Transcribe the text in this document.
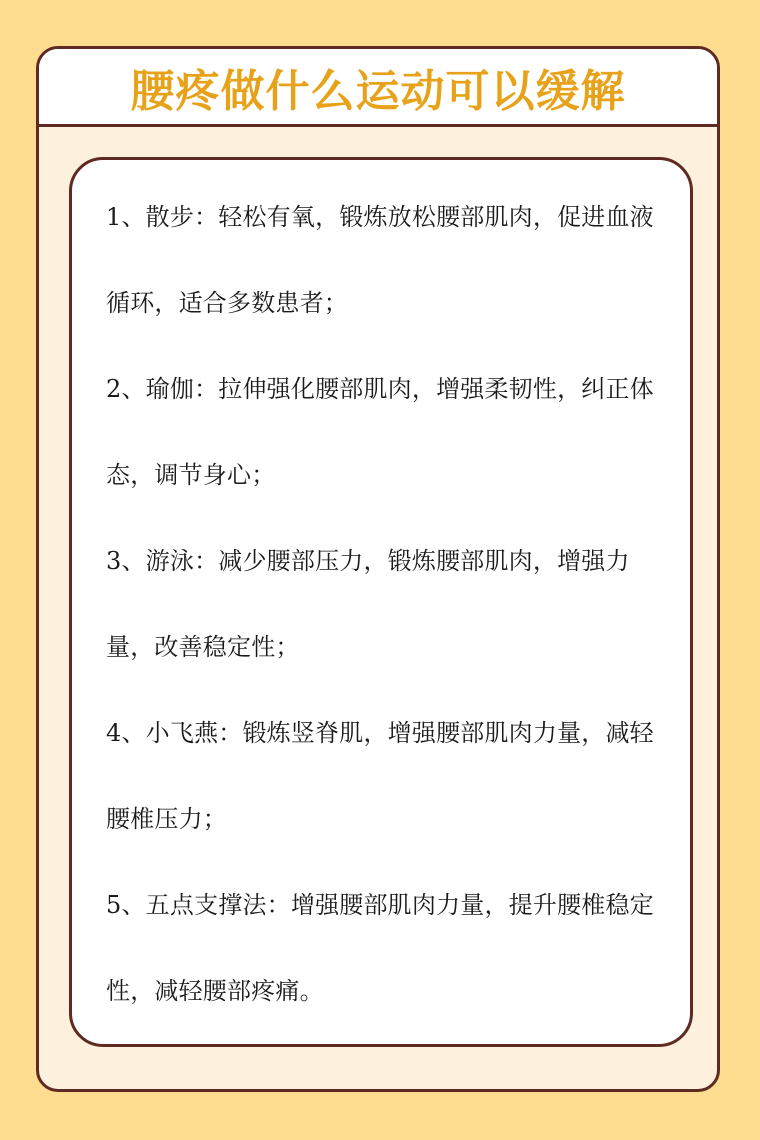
腰疼做什么运动可以缓解

1、散步：轻松有氧，锻炼放松腰部肌肉，促进血液循环，适合多数患者；

2、瑜伽：拉伸强化腰部肌肉，增强柔韧性，纠正体态，调节身心；

3、游泳：减少腰部压力，锻炼腰部肌肉，增强力量，改善稳定性；

4、小飞燕：锻炼竖脊肌，增强腰部肌肉力量，减轻腰椎压力；

5、五点支撑法：增强腰部肌肉力量，提升腰椎稳定性，减轻腰部疼痛。
